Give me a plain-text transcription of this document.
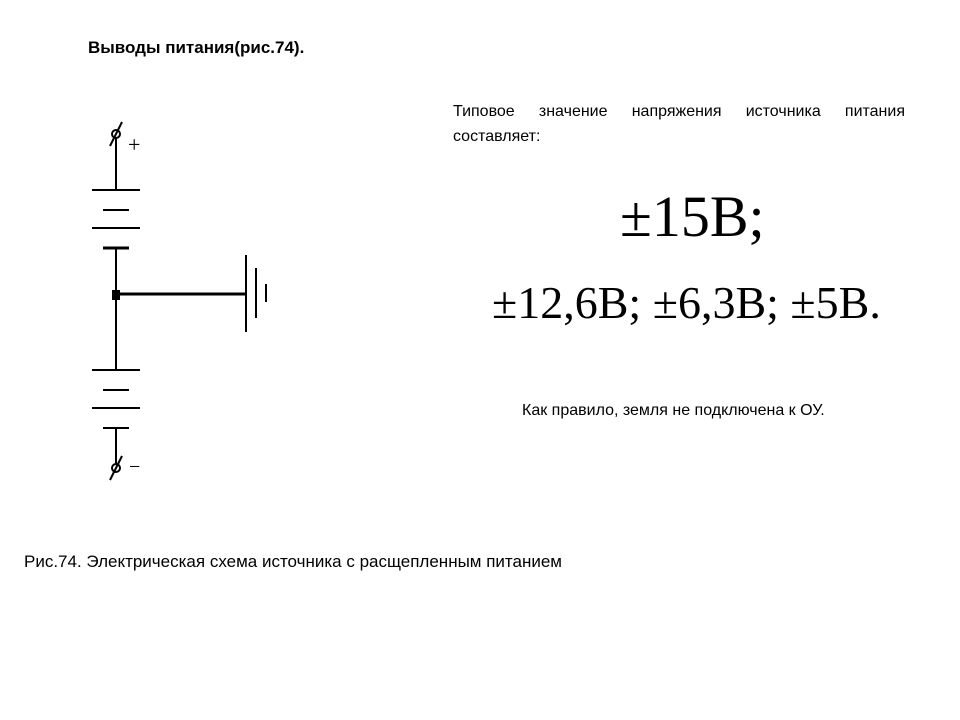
Выводы питания(рис.74).
+
−
Типовое значение напряжения источника питания составляет:
±15В;
±12,6В; ±6,3В; ±5В.
Как правило, земля не подключена к ОУ.
Рис.74. Электрическая схема источника с расщепленным питанием
